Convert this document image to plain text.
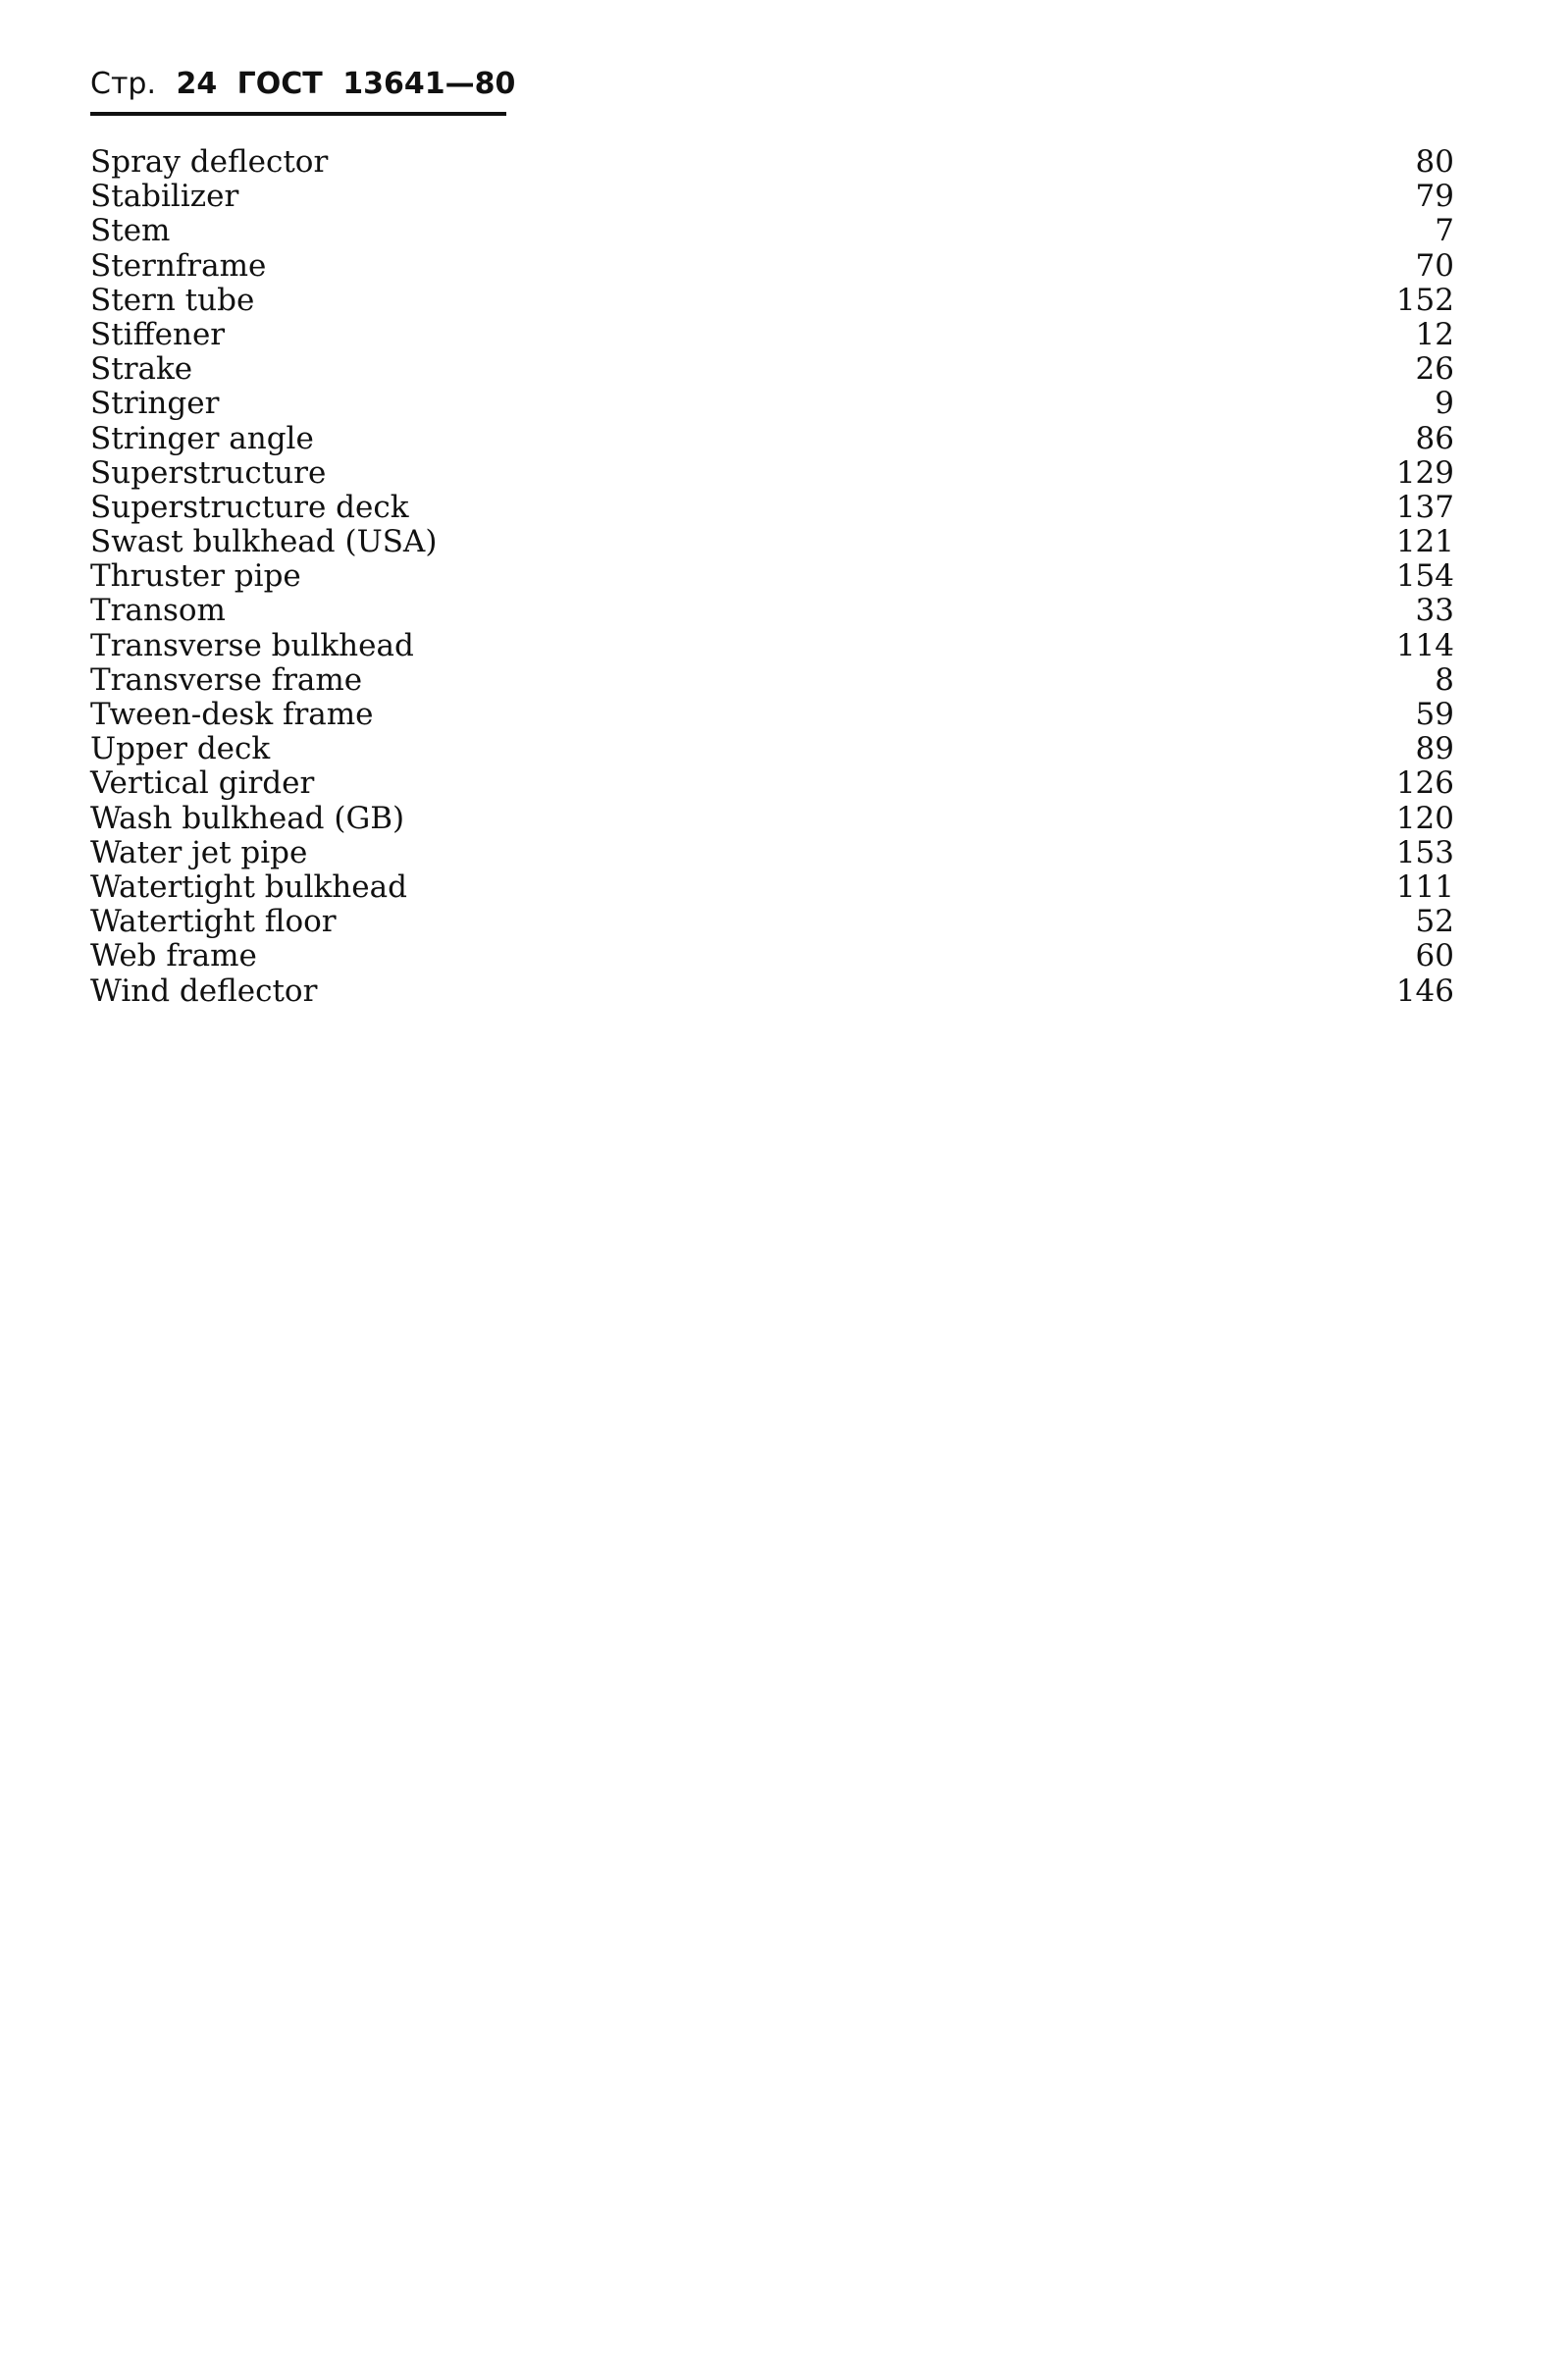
Стр. 24 ГОСТ 13641—80
Spray deflector	80
Stabilizer	79
Stem	7
Sternframe	70
Stern tube	152
Stiffener	12
Strake	26
Stringer	9
Stringer angle	86
Superstructure	129
Superstructure deck	137
Swast bulkhead (USA)	121
Thruster pipe	154
Transom	33
Transverse bulkhead	114
Transverse frame	8
Tween-desk frame	59
Upper deck	89
Vertical girder	126
Wash bulkhead (GB)	120
Water jet pipe	153
Watertight bulkhead	111
Watertight floor	52
Web frame	60
Wind deflector	146
